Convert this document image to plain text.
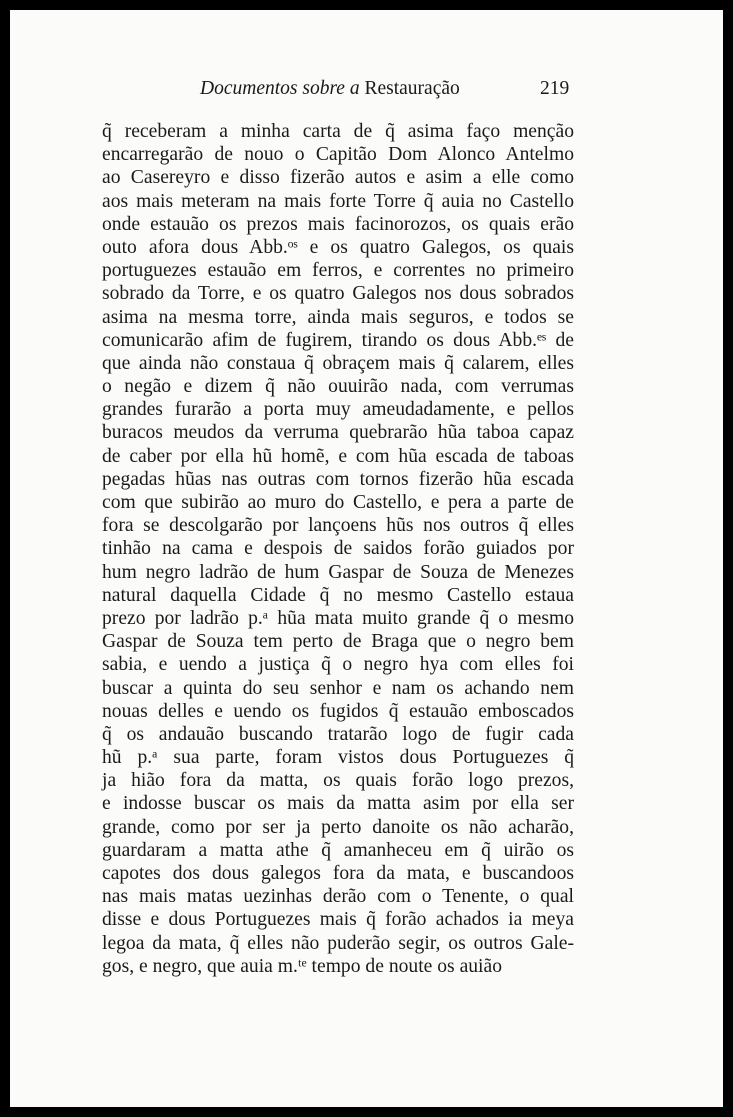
Documentos sobre a Restauração	219
q̃ receberam a minha carta de q̃ asima faço menção
encarregarão de nouo o Capitão Dom Alonco Antelmo
ao Casereyro e disso fizerão autos e asim a elle como
aos mais meteram na mais forte Torre q̃ auia no Castello
onde estauão os prezos mais facinorozos, os quais erão
outo afora dous Abb.ᵒˢ e os quatro Galegos, os quais
portuguezes estauão em ferros, e correntes no primeiro
sobrado da Torre, e os quatro Galegos nos dous sobrados
asima na mesma torre, ainda mais seguros, e todos se
comunicarão afim de fugirem, tirando os dous Abb.ᵉˢ de
que ainda não constaua q̃ obraçem mais q̃ calarem, elles
o negão e dizem q̃ não ouuirão nada, com verrumas
grandes furarão a porta muy ameudadamente, e pellos
buracos meudos da verruma quebrarão hũa taboa capaz
de caber por ella hũ homẽ, e com hũa escada de taboas
pegadas hũas nas outras com tornos fizerão hũa escada
com que subirão ao muro do Castello, e pera a parte de
fora se descolgarão por lançoens hũs nos outros q̃ elles
tinhão na cama e despois de saidos forão guiados por
hum negro ladrão de hum Gaspar de Souza de Menezes
natural daquella Cidade q̃ no mesmo Castello estaua
prezo por ladrão p.ᵃ hũa mata muito grande q̃ o mesmo
Gaspar de Souza tem perto de Braga que o negro bem
sabia, e uendo a justiça q̃ o negro hya com elles foi
buscar a quinta do seu senhor e nam os achando nem
nouas delles e uendo os fugidos q̃ estauão emboscados
q̃ os andauão buscando tratarão logo de fugir cada
hũ p.ᵃ sua parte, foram vistos dous Portuguezes q̃
ja hião fora da matta, os quais forão logo prezos,
e indosse buscar os mais da matta asim por ella ser
grande, como por ser ja perto danoite os não acharão,
guardaram a matta athe q̃ amanheceu em q̃ uirão os
capotes dos dous galegos fora da mata, e buscandoos
nas mais matas uezinhas derão com o Tenente, o qual
disse e dous Portuguezes mais q̃ forão achados ia meya
legoa da mata, q̃ elles não puderão segir, os outros Gale-
gos, e negro, que auia m.ᵗᵉ tempo de noute os auião
